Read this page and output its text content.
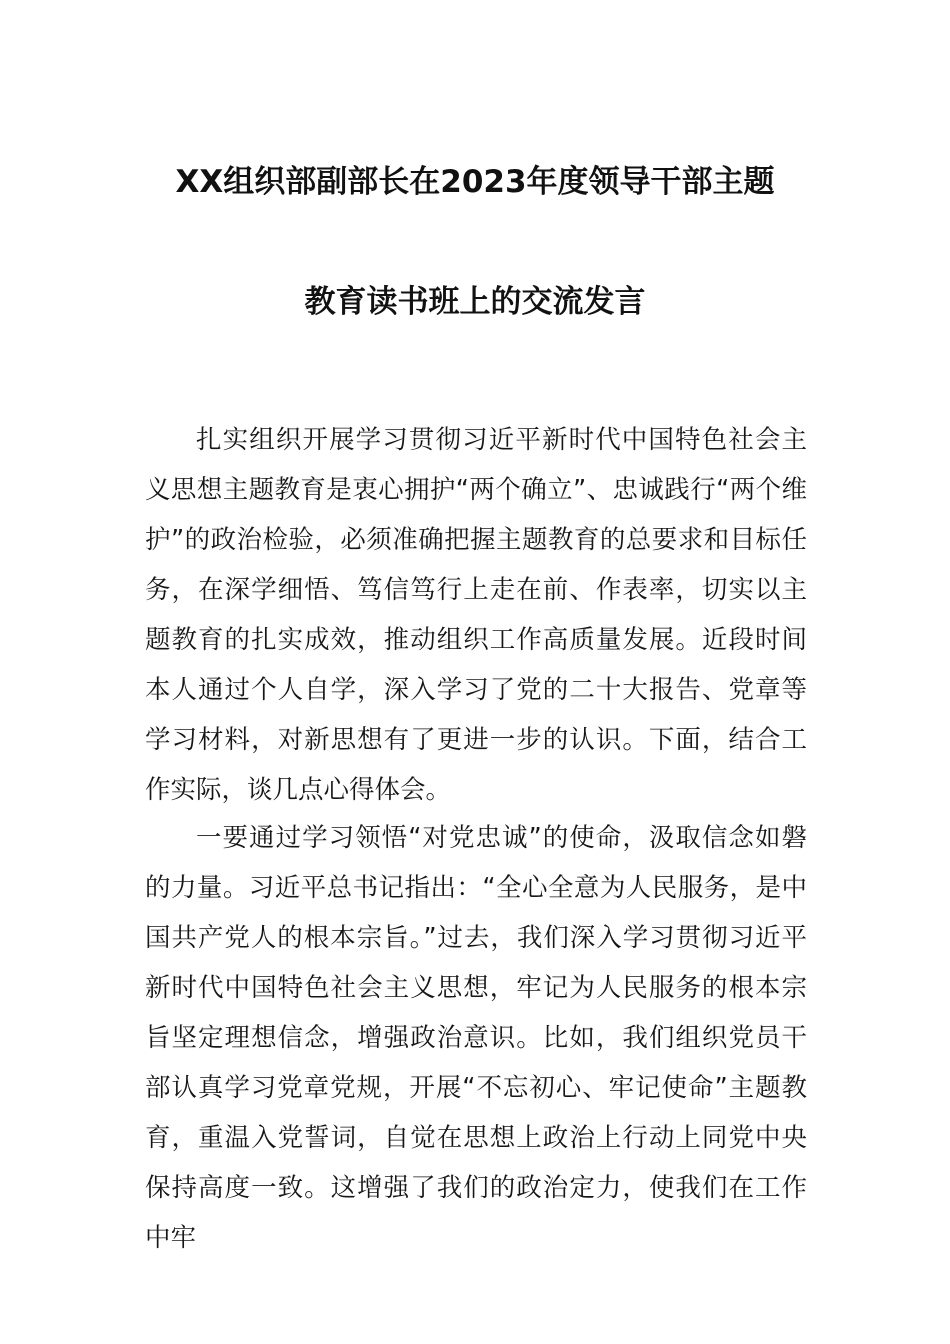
XX组织部副部长在2023年度领导干部主题
教育读书班上的交流发言

扎实组织开展学习贯彻习近平新时代中国特色社会主义思想主题教育是衷心拥护“两个确立”、忠诚践行“两个维护”的政治检验，必须准确把握主题教育的总要求和目标任务，在深学细悟、笃信笃行上走在前、作表率，切实以主题教育的扎实成效，推动组织工作高质量发展。近段时间本人通过个人自学，深入学习了党的二十大报告、党章等学习材料，对新思想有了更进一步的认识。下面，结合工作实际，谈几点心得体会。

一要通过学习领悟“对党忠诚”的使命，汲取信念如磐的力量。习近平总书记指出：“全心全意为人民服务，是中国共产党人的根本宗旨。”过去，我们深入学习贯彻习近平新时代中国特色社会主义思想，牢记为人民服务的根本宗旨坚定理想信念，增强政治意识。比如，我们组织党员干部认真学习党章党规，开展“不忘初心、牢记使命”主题教育，重温入党誓词，自觉在思想上政治上行动上同党中央保持高度一致。这增强了我们的政治定力，使我们在工作中牢
